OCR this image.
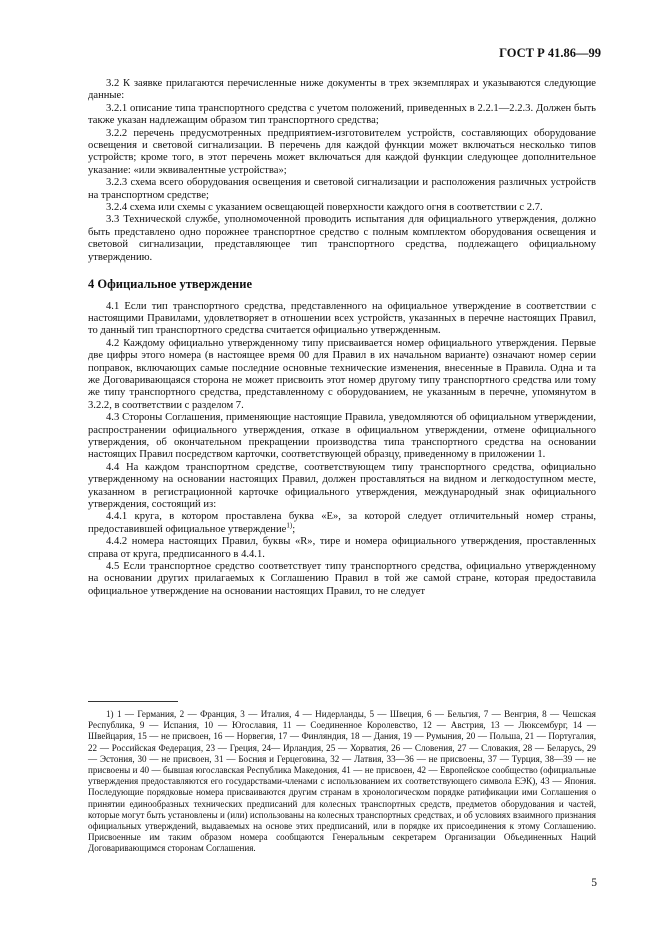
ГОСТ Р 41.86—99

3.2 К заявке прилагаются перечисленные ниже документы в трех экземплярах и указываются следующие данные:

3.2.1 описание типа транспортного средства с учетом положений, приведенных в 2.2.1—2.2.3. Должен быть также указан надлежащим образом тип транспортного средства;

3.2.2 перечень предусмотренных предприятием-изготовителем устройств, составляющих оборудование освещения и световой сигнализации. В перечень для каждой функции может включаться несколько типов устройств; кроме того, в этот перечень может включаться для каждой функции следующее дополнительное указание: «или эквивалентные устройства»;

3.2.3 схема всего оборудования освещения и световой сигнализации и расположения различных устройств на транспортном средстве;

3.2.4 схема или схемы с указанием освещающей поверхности каждого огня в соответствии с 2.7.

3.3 Технической службе, уполномоченной проводить испытания для официального утверждения, должно быть представлено одно порожнее транспортное средство с полным комплектом оборудования освещения и световой сигнализации, представляющее тип транспортного средства, подлежащего официальному утверждению.

4 Официальное утверждение

4.1 Если тип транспортного средства, представленного на официальное утверждение в соответствии с настоящими Правилами, удовлетворяет в отношении всех устройств, указанных в перечне настоящих Правил, то данный тип транспортного средства считается официально утвержденным.

4.2 Каждому официально утвержденному типу присваивается номер официального утверждения. Первые две цифры этого номера (в настоящее время 00 для Правил в их начальном варианте) означают номер серии поправок, включающих самые последние основные технические изменения, внесенные в Правила. Одна и та же Договаривающаяся сторона не может присвоить этот номер другому типу транспортного средства или тому же типу транспортного средства, представленному с оборудованием, не указанным в перечне, упомянутом в 3.2.2, в соответствии с разделом 7.

4.3 Стороны Соглашения, применяющие настоящие Правила, уведомляются об официальном утверждении, распространении официального утверждения, отказе в официальном утверждении, отмене официального утверждения, об окончательном прекращении производства типа транспортного средства на основании настоящих Правил посредством карточки, соответствующей образцу, приведенному в приложении 1.

4.4 На каждом транспортном средстве, соответствующем типу транспортного средства, официально утвержденному на основании настоящих Правил, должен проставляться на видном и легкодоступном месте, указанном в регистрационной карточке официального утверждения, международный знак официального утверждения, состоящий из:

4.4.1 круга, в котором проставлена буква «Е», за которой следует отличительный номер страны, предоставившей официальное утверждение$^{1)}$;

4.4.2 номера настоящих Правил, буквы «R», тире и номера официального утверждения, проставленных справа от круга, предписанного в 4.4.1.

4.5 Если транспортное средство соответствует типу транспортного средства, официально утвержденному на основании других прилагаемых к Соглашению Правил в той же самой стране, которая предоставила официальное утверждение на основании настоящих Правил, то не следует

1) 1 — Германия, 2 — Франция, 3 — Италия, 4 — Нидерланды, 5 — Швеция, 6 — Бельгия, 7 — Венгрия, 8 — Чешская Республика, 9 — Испания, 10 — Югославия, 11 — Соединенное Королевство, 12 — Австрия, 13 — Люксембург, 14 — Швейцария, 15 — не присвоен, 16 — Норвегия, 17 — Финляндия, 18 — Дания, 19 — Румыния, 20 — Польша, 21 — Португалия, 22 — Российская Федерация, 23 — Греция, 24— Ирландия, 25 — Хорватия, 26 — Словения, 27 — Словакия, 28 — Беларусь, 29 — Эстония, 30 — не присвоен, 31 — Босния и Герцеговина, 32 — Латвия, 33—36 — не присвоены, 37 — Турция, 38—39 — не присвоены и 40 — бывшая югославская Республика Македония, 41 — не присвоен, 42 — Европейское сообщество (официальные утверждения предоставляются его государствами-членами с использованием их соответствующего символа ЕЭК), 43 — Япония. Последующие порядковые номера присваиваются другим странам в хронологическом порядке ратификации ими Соглашения о принятии единообразных технических предписаний для колесных транспортных средств, предметов оборудования и частей, которые могут быть установлены и (или) использованы на колесных транспортных средствах, и об условиях взаимного признания официальных утверждений, выдаваемых на основе этих предписаний, или в порядке их присоединения к этому Соглашению. Присвоенные им таким образом номера сообщаются Генеральным секретарем Организации Объединенных Наций Договаривающимся сторонам Соглашения.

5
